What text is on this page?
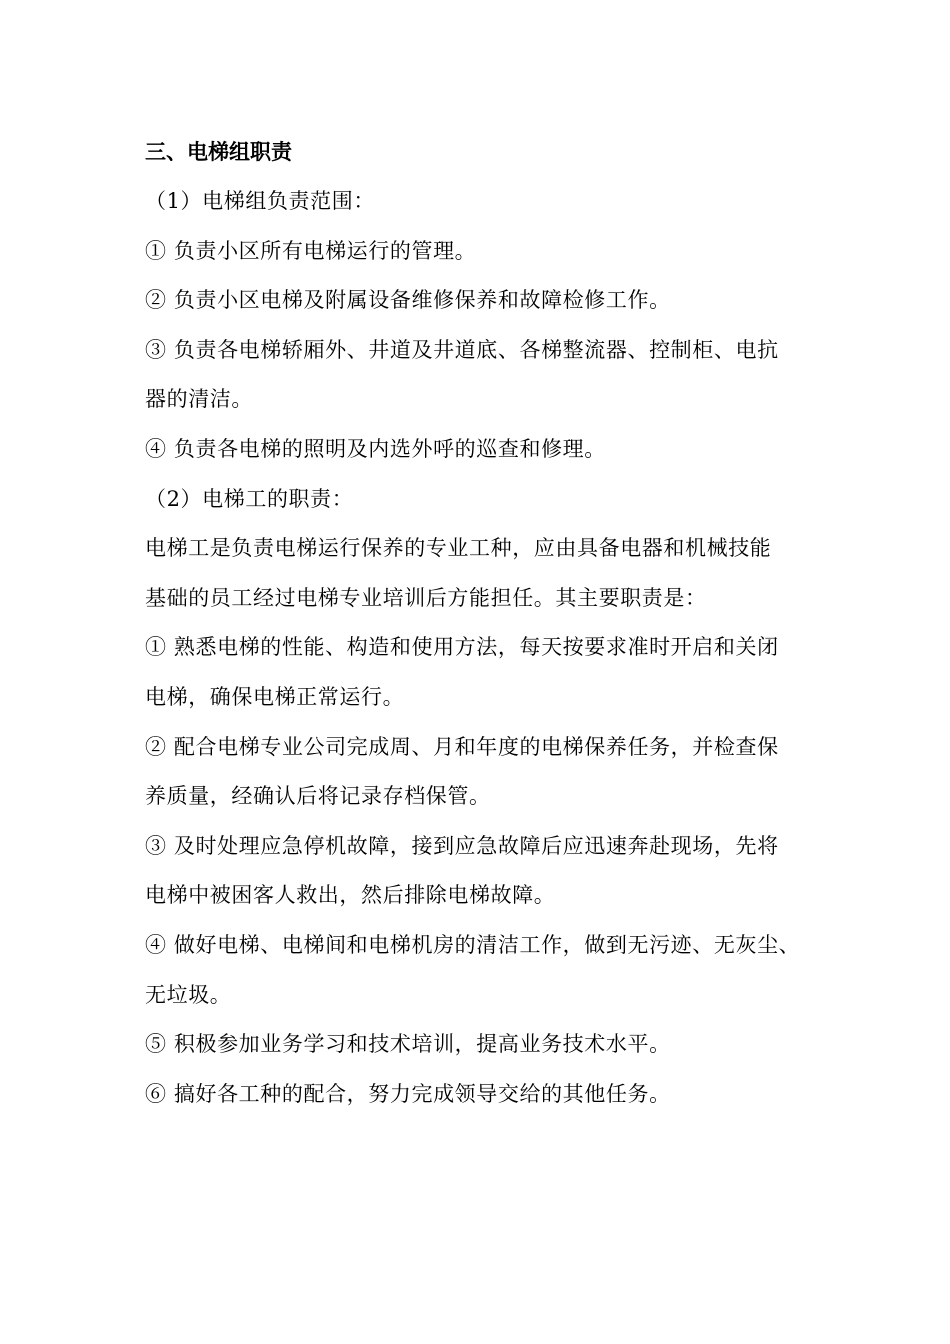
三、电梯组职责
（1）电梯组负责范围：
① 负责小区所有电梯运行的管理。
② 负责小区电梯及附属设备维修保养和故障检修工作。
③ 负责各电梯轿厢外、井道及井道底、各梯整流器、控制柜、电抗
器的清洁。
④ 负责各电梯的照明及内选外呼的巡查和修理。
（2）电梯工的职责：
电梯工是负责电梯运行保养的专业工种，应由具备电器和机械技能
基础的员工经过电梯专业培训后方能担任。其主要职责是：
① 熟悉电梯的性能、构造和使用方法，每天按要求准时开启和关闭
电梯，确保电梯正常运行。
② 配合电梯专业公司完成周、月和年度的电梯保养任务，并检查保
养质量，经确认后将记录存档保管。
③ 及时处理应急停机故障，接到应急故障后应迅速奔赴现场，先将
电梯中被困客人救出，然后排除电梯故障。
④ 做好电梯、电梯间和电梯机房的清洁工作，做到无污迹、无灰尘、
无垃圾。
⑤ 积极参加业务学习和技术培训，提高业务技术水平。
⑥ 搞好各工种的配合，努力完成领导交给的其他任务。
